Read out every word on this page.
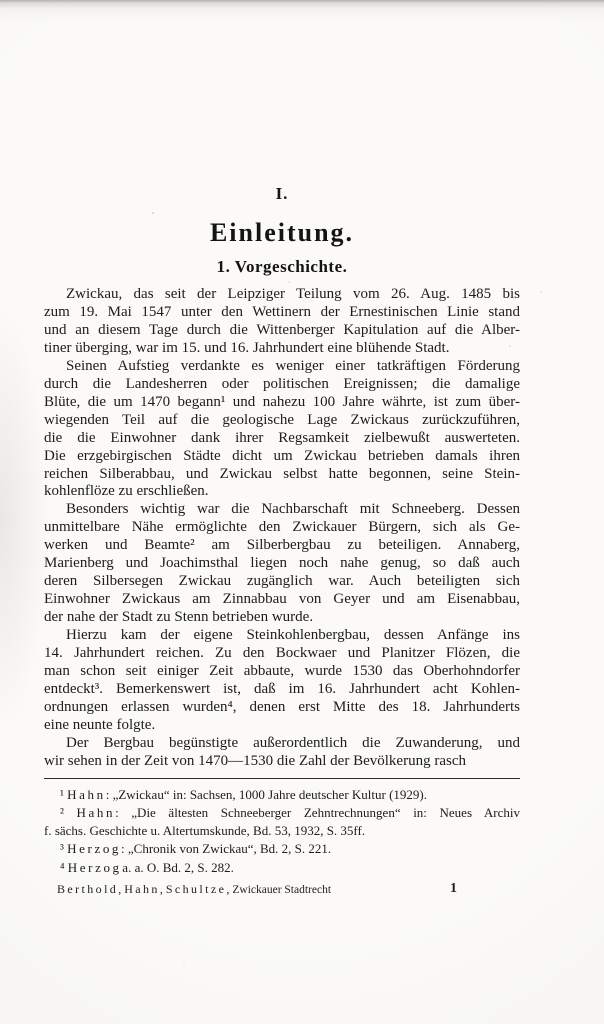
I.
Einleitung.
1. Vorgeschichte.
Zwickau, das seit der Leipziger Teilung vom 26. Aug. 1485 bis
zum 19. Mai 1547 unter den Wettinern der Ernestinischen Linie stand
und an diesem Tage durch die Wittenberger Kapitulation auf die Alber-
tiner überging, war im 15. und 16. Jahrhundert eine blühende Stadt.
Seinen Aufstieg verdankte es weniger einer tatkräftigen Förderung
durch die Landesherren oder politischen Ereignissen; die damalige
Blüte, die um 1470 begann¹ und nahezu 100 Jahre währte, ist zum über-
wiegenden Teil auf die geologische Lage Zwickaus zurückzuführen,
die die Einwohner dank ihrer Regsamkeit zielbewußt auswerteten.
Die erzgebirgischen Städte dicht um Zwickau betrieben damals ihren
reichen Silberabbau, und Zwickau selbst hatte begonnen, seine Stein-
kohlenflöze zu erschließen.
Besonders wichtig war die Nachbarschaft mit Schneeberg. Dessen
unmittelbare Nähe ermöglichte den Zwickauer Bürgern, sich als Ge-
werken und Beamte² am Silberbergbau zu beteiligen. Annaberg,
Marienberg und Joachimsthal liegen noch nahe genug, so daß auch
deren Silbersegen Zwickau zugänglich war. Auch beteiligten sich
Einwohner Zwickaus am Zinnabbau von Geyer und am Eisenabbau,
der nahe der Stadt zu Stenn betrieben wurde.
Hierzu kam der eigene Steinkohlenbergbau, dessen Anfänge ins
14. Jahrhundert reichen. Zu den Bockwaer und Planitzer Flözen, die
man schon seit einiger Zeit abbaute, wurde 1530 das Oberhohndorfer
entdeckt³. Bemerkenswert ist, daß im 16. Jahrhundert acht Kohlen-
ordnungen erlassen wurden⁴, denen erst Mitte des 18. Jahrhunderts
eine neunte folgte.
Der Bergbau begünstigte außerordentlich die Zuwanderung, und
wir sehen in der Zeit von 1470—1530 die Zahl der Bevölkerung rasch
¹ H a h n : „Zwickau“ in: Sachsen, 1000 Jahre deutscher Kultur (1929).
² H a h n : „Die ältesten Schneeberger Zehntrechnungen“ in: Neues Archiv
f. sächs. Geschichte u. Altertumskunde, Bd. 53, 1932, S. 35ff.
³ H e r z o g : „Chronik von Zwickau“, Bd. 2, S. 221.
⁴ H e r z o g a. a. O. Bd. 2, S. 282.
B e r t h o l d , H a h n , S c h u l t z e , Zwickauer Stadtrecht	1
